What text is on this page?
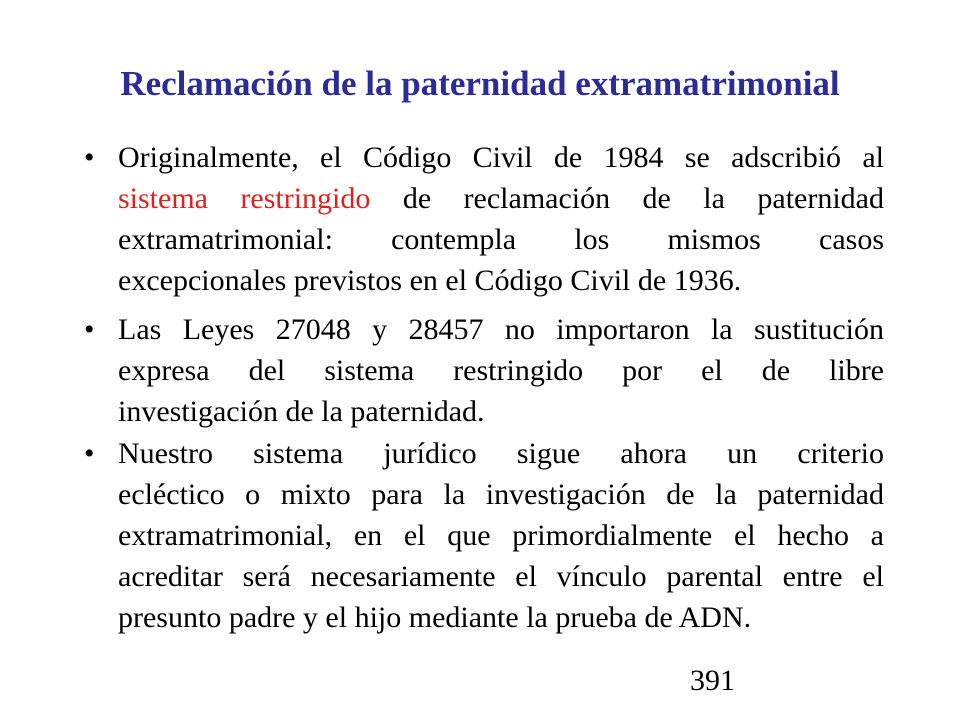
Reclamación de la paternidad extramatrimonial
• Originalmente, el Código Civil de 1984 se adscribió al
sistema restringido de reclamación de la paternidad
extramatrimonial: contempla los mismos casos
excepcionales previstos en el Código Civil de 1936.
• Las Leyes 27048 y 28457 no importaron la sustitución
expresa del sistema restringido por el de libre
investigación de la paternidad.
• Nuestro sistema jurídico sigue ahora un criterio
ecléctico o mixto para la investigación de la paternidad
extramatrimonial, en el que primordialmente el hecho a
acreditar será necesariamente el vínculo parental entre el
presunto padre y el hijo mediante la prueba de ADN.
391
